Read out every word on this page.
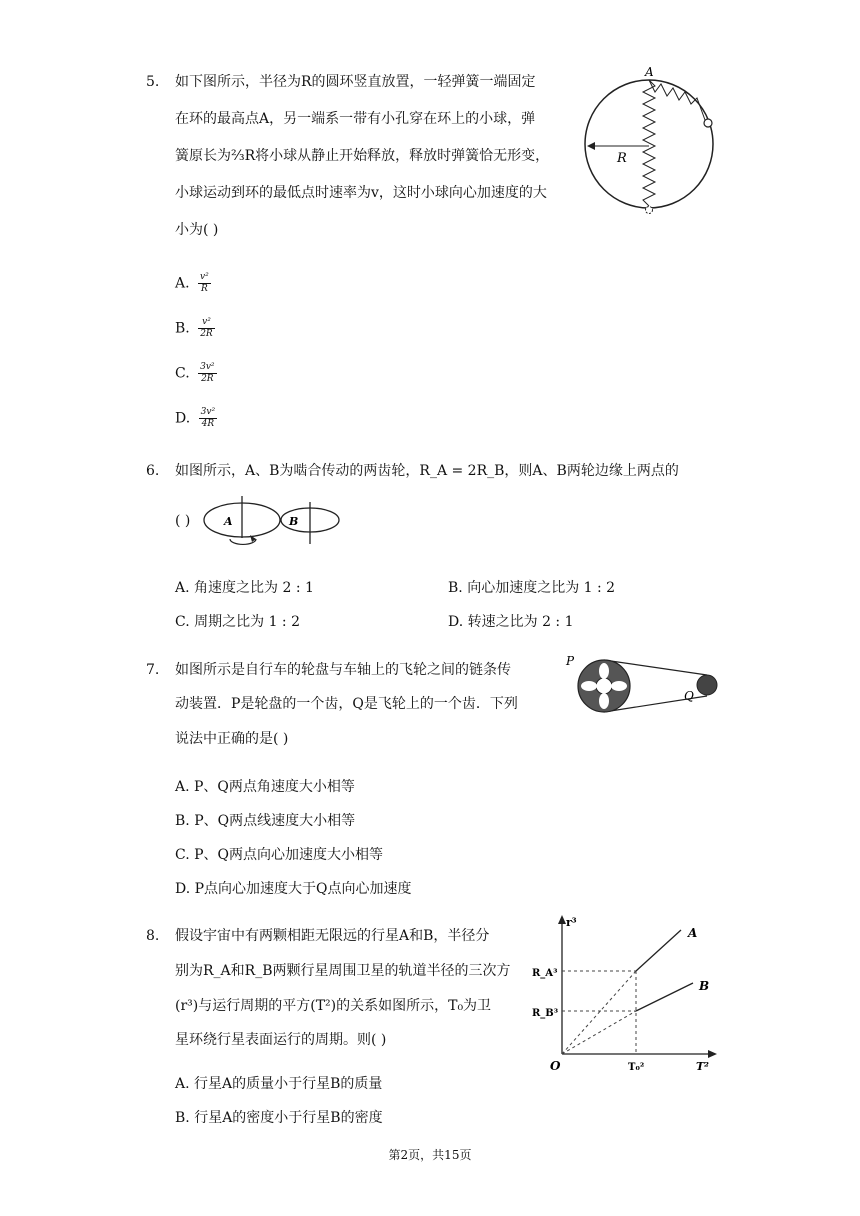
5. 如下图所示，半径为R的圆环竖直放置，一轻弹簧一端固定
在环的最高点A，另一端系一带有小孔穿在环上的小球，弹
簧原长为⅔R将小球从静止开始释放，释放时弹簧恰无形变，
小球运动到环的最低点时速率为v，这时小球向心加速度的大
小为( )
A. $\frac{\text{v²}}{R}$
B. $\frac{\text{v²}}{2R}$
C. $\frac{\text{3v²}}{2R}$
D. $\frac{\text{3v²}}{4R}$
A
R
6. 如图所示，A、B为啮合传动的两齿轮，R_A = 2R_B，则A、B两轮边缘上两点的
( )	A	B
A. 角速度之比为 2 : 1	B. 向心加速度之比为 1 : 2
C. 周期之比为 1 : 2	D. 转速之比为 2 : 1
7. 如图所示是自行车的轮盘与车轴上的飞轮之间的链条传
动装置．P是轮盘的一个齿，Q是飞轮上的一个齿．下列
说法中正确的是( )
P
Q
A. P、Q两点角速度大小相等
B. P、Q两点线速度大小相等
C. P、Q两点向心加速度大小相等
D. P点向心加速度大于Q点向心加速度
8. 假设宇宙中有两颗相距无限远的行星A和B，半径分
别为R_A和R_B两颗行星周围卫星的轨道半径的三次方
(r³)与运行周期的平方(T²)的关系如图所示，T₀为卫
星环绕行星表面运行的周期。则( )
r³
T²
O
A
B
R_A³
R_B³
T₀²
A. 行星A的质量小于行星B的质量
B. 行星A的密度小于行星B的密度
第2页，共15页
